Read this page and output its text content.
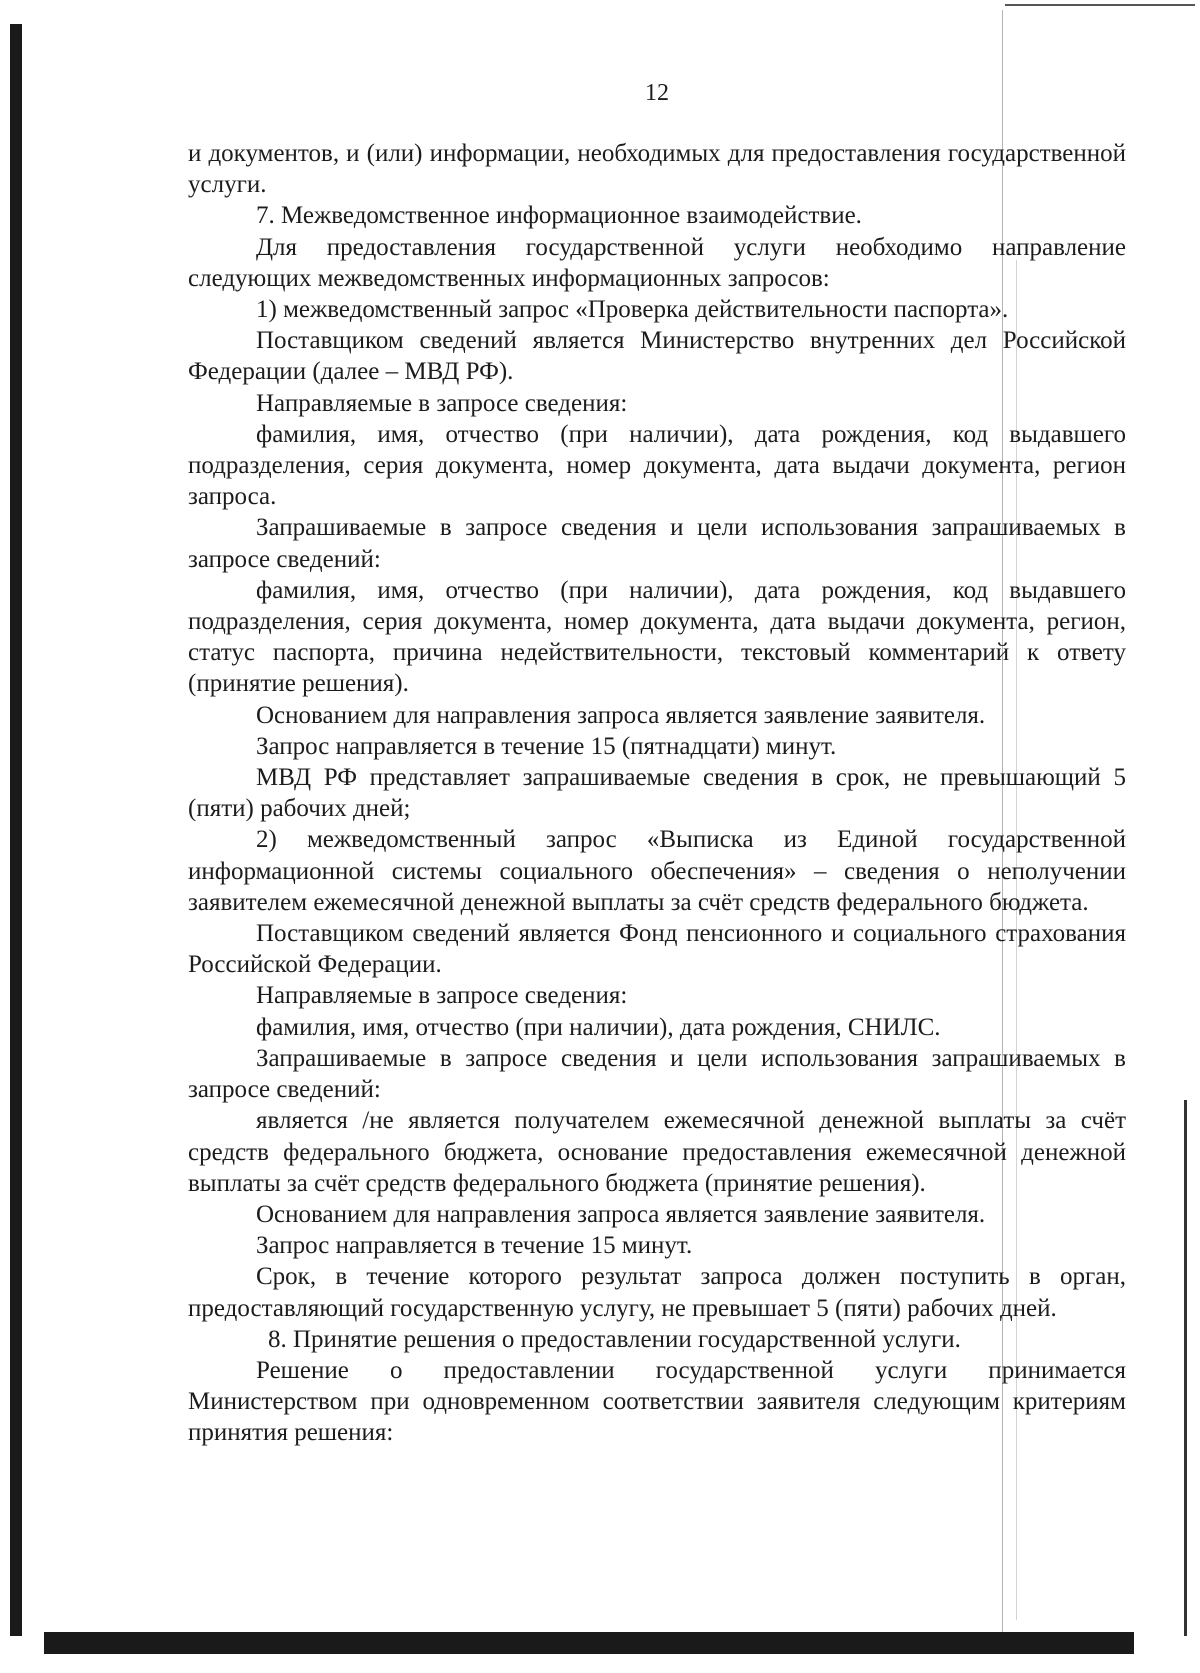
12

и документов, и (или) информации, необходимых для предоставления государственной услуги.

7. Межведомственное информационное взаимодействие.

Для предоставления государственной услуги необходимо направление следующих межведомственных информационных запросов:

1) межведомственный запрос «Проверка действительности паспорта».

Поставщиком сведений является Министерство внутренних дел Российской Федерации (далее – МВД РФ).

Направляемые в запросе сведения:

фамилия, имя, отчество (при наличии), дата рождения, код выдавшего подразделения, серия документа, номер документа, дата выдачи документа, регион запроса.

Запрашиваемые в запросе сведения и цели использования запрашиваемых в запросе сведений:

фамилия, имя, отчество (при наличии), дата рождения, код выдавшего подразделения, серия документа, номер документа, дата выдачи документа, регион, статус паспорта, причина недействительности, текстовый комментарий к ответу (принятие решения).

Основанием для направления запроса является заявление заявителя.

Запрос направляется в течение 15 (пятнадцати) минут.

МВД РФ представляет запрашиваемые сведения в срок, не превышающий 5 (пяти) рабочих дней;

2) межведомственный запрос «Выписка из Единой государственной информационной системы социального обеспечения» – сведения о неполучении заявителем ежемесячной денежной выплаты за счёт средств федерального бюджета.

Поставщиком сведений является Фонд пенсионного и социального страхования Российской Федерации.

Направляемые в запросе сведения:

фамилия, имя, отчество (при наличии), дата рождения, СНИЛС.

Запрашиваемые в запросе сведения и цели использования запрашиваемых в запросе сведений:

является /не является получателем ежемесячной денежной выплаты за счёт средств федерального бюджета, основание предоставления ежемесячной денежной выплаты за счёт средств федерального бюджета (принятие решения).

Основанием для направления запроса является заявление заявителя.

Запрос направляется в течение 15 минут.

Срок, в течение которого результат запроса должен поступить в орган, предоставляющий государственную услугу, не превышает 5 (пяти) рабочих дней.

8. Принятие решения о предоставлении государственной услуги.

Решение о предоставлении государственной услуги принимается Министерством при одновременном соответствии заявителя следующим критериям принятия решения:
